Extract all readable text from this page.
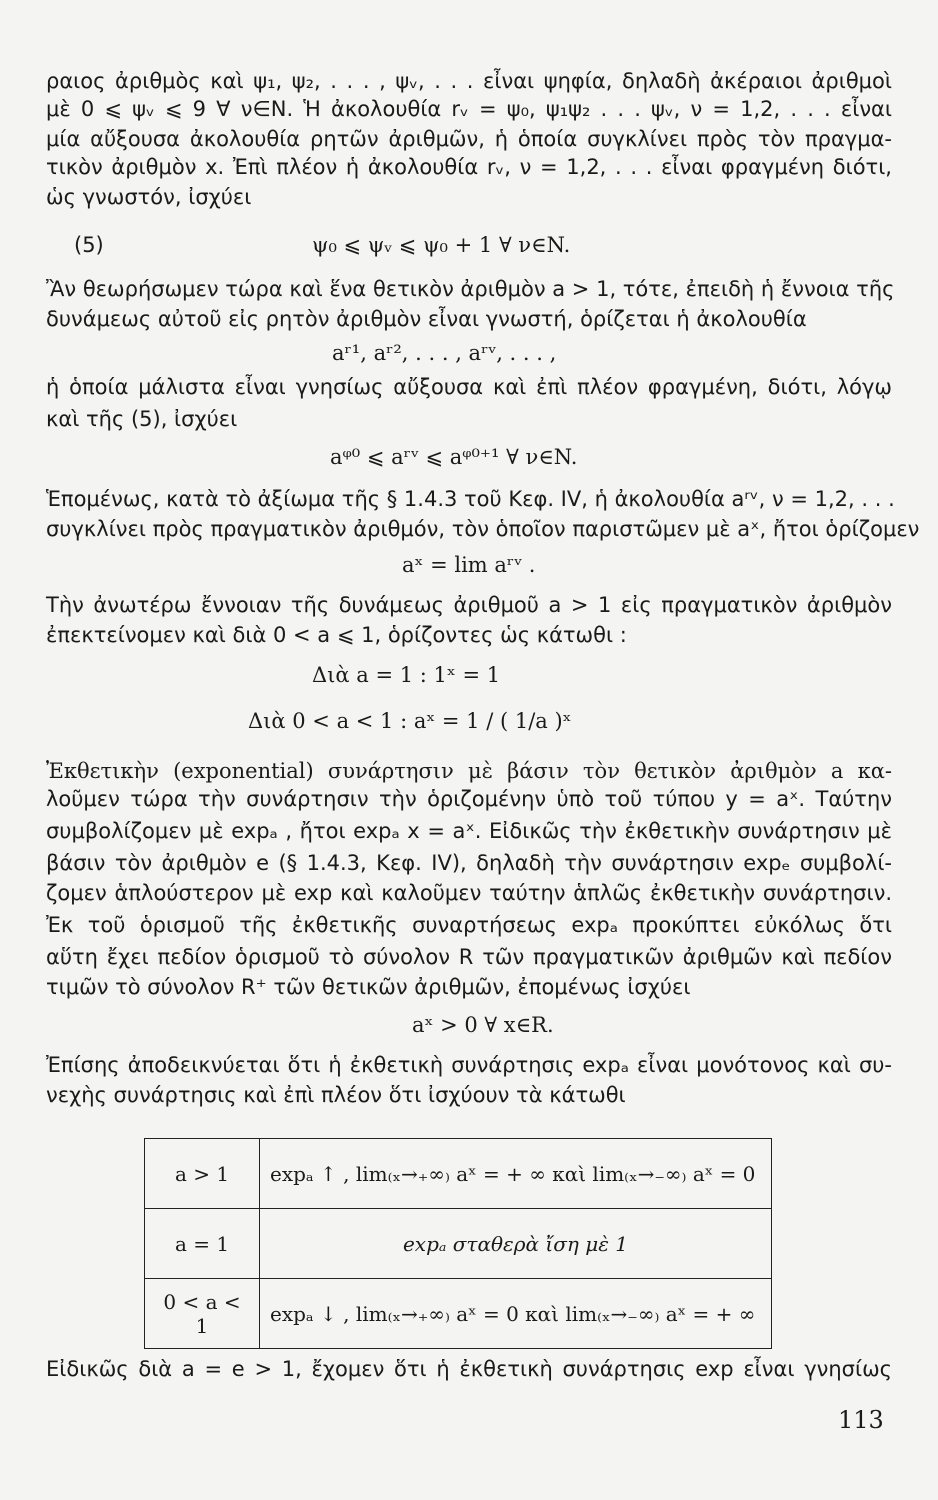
ραιος ἀριθμὸς καὶ ψ₁, ψ₂, . . . , ψᵥ, . . . εἶναι ψηφία, δηλαδὴ ἀκέραιοι ἀριθμοὶ
μὲ 0 ⩽ ψᵥ ⩽ 9 ∀ ν∈N. Ἡ ἀκολουθία rᵥ = ψ₀, ψ₁ψ₂ . . . ψᵥ, ν = 1,2, . . . εἶναι
μία αὔξουσα ἀκολουθία ρητῶν ἀριθμῶν, ἡ ὁποία συγκλίνει πρὸς τὸν πραγμα-
τικὸν ἀριθμὸν x. Ἐπὶ πλέον ἡ ἀκολουθία rᵥ, ν = 1,2, . . . εἶναι φραγμένη διότι,
ὡς γνωστόν, ἰσχύει
(5)	ψ₀ ⩽ ψᵥ ⩽ ψ₀ + 1 ∀ ν∈N.
Ἂν θεωρήσωμεν τώρα καὶ ἕνα θετικὸν ἀριθμὸν a > 1, τότε, ἐπειδὴ ἡ ἔννοια τῆς
δυνάμεως αὐτοῦ εἰς ρητὸν ἀριθμὸν εἶναι γνωστή, ὁρίζεται ἡ ἀκολουθία
aʳ¹, aʳ², . . . , aʳᵛ, . . . ,
ἡ ὁποία μάλιστα εἶναι γνησίως αὔξουσα καὶ ἐπὶ πλέον φραγμένη, διότι, λόγῳ
καὶ τῆς (5), ἰσχύει
aᵠ⁰ ⩽ aʳᵛ ⩽ aᵠ⁰⁺¹ ∀ ν∈N.
Ἑπομένως, κατὰ τὸ ἀξίωμα τῆς § 1.4.3 τοῦ Κεφ. IV, ἡ ἀκολουθία aʳᵛ, ν = 1,2, . . .
συγκλίνει πρὸς πραγματικὸν ἀριθμόν, τὸν ὁποῖον παριστῶμεν μὲ aˣ, ἤτοι ὁρίζομεν
aˣ = lim aʳᵛ .
Τὴν ἀνωτέρω ἔννοιαν τῆς δυνάμεως ἀριθμοῦ a > 1 εἰς πραγματικὸν ἀριθμὸν
ἐπεκτείνομεν καὶ διὰ 0 < a ⩽ 1, ὁρίζοντες ὡς κάτωθι :
Διὰ a = 1 : 1ˣ = 1
Διὰ 0 < a < 1 : aˣ = 1 / ( 1/a )ˣ
Ἐκθετικὴν (exponential) συνάρτησιν μὲ βάσιν τὸν θετικὸν ἀριθμὸν a κα-
λοῦμεν τώρα τὴν συνάρτησιν τὴν ὁριζομένην ὑπὸ τοῦ τύπου y = aˣ. Ταύτην
συμβολίζομεν μὲ expₐ , ἤτοι expₐ x = aˣ. Εἰδικῶς τὴν ἐκθετικὴν συνάρτησιν μὲ
βάσιν τὸν ἀριθμὸν e (§ 1.4.3, Κεφ. IV), δηλαδὴ τὴν συνάρτησιν expₑ συμβολί-
ζομεν ἁπλούστερον μὲ exp καὶ καλοῦμεν ταύτην ἁπλῶς ἐκθετικὴν συνάρτησιν.
Ἐκ τοῦ ὁρισμοῦ τῆς ἐκθετικῆς συναρτήσεως expₐ προκύπτει εὐκόλως ὅτι
αὕτη ἔχει πεδίον ὁρισμοῦ τὸ σύνολον R τῶν πραγματικῶν ἀριθμῶν καὶ πεδίον
τιμῶν τὸ σύνολον R⁺ τῶν θετικῶν ἀριθμῶν, ἐπομένως ἰσχύει
aˣ > 0 ∀ x∈R.
Ἐπίσης ἀποδεικνύεται ὅτι ἡ ἐκθετικὴ συνάρτησις expₐ εἶναι μονότονος καὶ συ-
νεχὴς συνάρτησις καὶ ἐπὶ πλέον ὅτι ἰσχύουν τὰ κάτωθι
a > 1	expₐ ↑ , lim₍ₓ→₊∞₎ aˣ = + ∞ καὶ lim₍ₓ→₋∞₎ aˣ = 0
a = 1	expₐ σταθερὰ ἴση μὲ 1
0 < a < 1	expₐ ↓ , lim₍ₓ→₊∞₎ aˣ = 0 καὶ lim₍ₓ→₋∞₎ aˣ = + ∞
Εἰδικῶς διὰ a = e > 1, ἔχομεν ὅτι ἡ ἐκθετικὴ συνάρτησις exp εἶναι γνησίως
113
